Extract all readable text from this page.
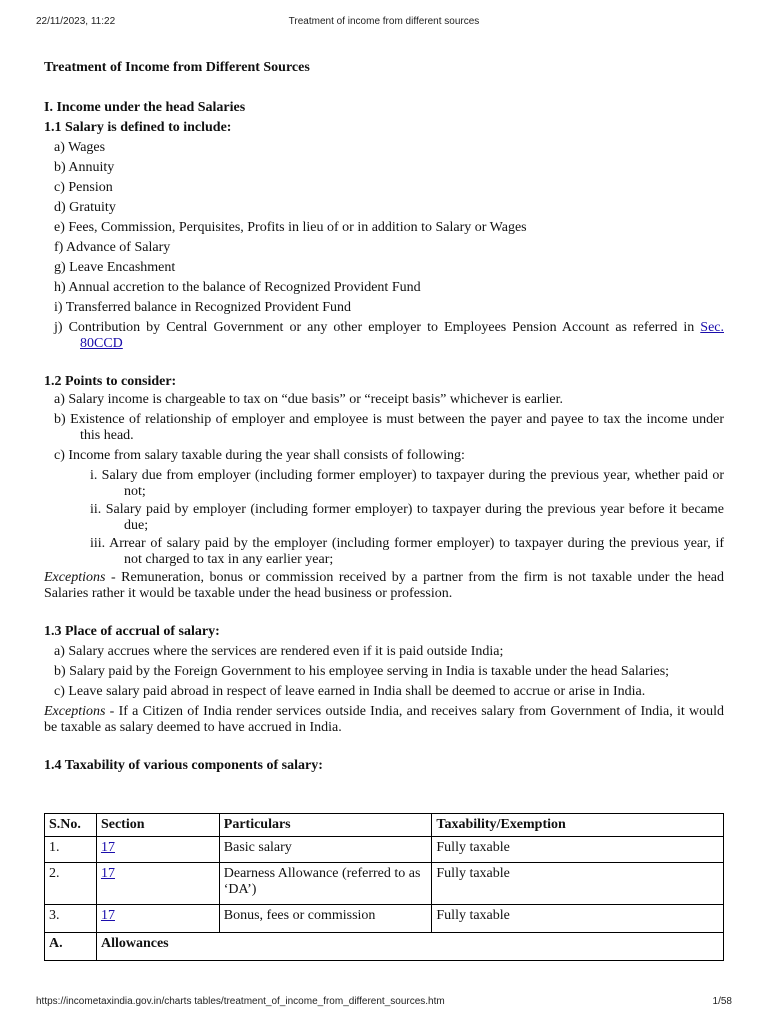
22/11/2023, 11:22	Treatment of income from different sources

Treatment of Income from Different Sources

I. Income under the head Salaries

1.1 Salary is defined to include:

a) Wages
b) Annuity
c) Pension
d) Gratuity
e) Fees, Commission, Perquisites, Profits in lieu of or in addition to Salary or Wages
f) Advance of Salary
g) Leave Encashment
h) Annual accretion to the balance of Recognized Provident Fund
i) Transferred balance in Recognized Provident Fund
j) Contribution by Central Government or any other employer to Employees Pension Account as referred in Sec. 80CCD

1.2 Points to consider:

a) Salary income is chargeable to tax on “due basis” or “receipt basis” whichever is earlier.
b) Existence of relationship of employer and employee is must between the payer and payee to tax the income under this head.
c) Income from salary taxable during the year shall consists of following:
i. Salary due from employer (including former employer) to taxpayer during the previous year, whether paid or not;
ii. Salary paid by employer (including former employer) to taxpayer during the previous year before it became due;
iii. Arrear of salary paid by the employer (including former employer) to taxpayer during the previous year, if not charged to tax in any earlier year;

Exceptions - Remuneration, bonus or commission received by a partner from the firm is not taxable under the head Salaries rather it would be taxable under the head business or profession.

1.3 Place of accrual of salary:

a) Salary accrues where the services are rendered even if it is paid outside India;
b) Salary paid by the Foreign Government to his employee serving in India is taxable under the head Salaries;
c) Leave salary paid abroad in respect of leave earned in India shall be deemed to accrue or arise in India.

Exceptions - If a Citizen of India render services outside India, and receives salary from Government of India, it would be taxable as salary deemed to have accrued in India.

1.4 Taxability of various components of salary:

S.No.	Section	Particulars	Taxability/Exemption
1.	17	Basic salary	Fully taxable
2.	17	Dearness Allowance (referred to as ‘DA’)	Fully taxable
3.	17	Bonus, fees or commission	Fully taxable
A.	Allowances		
https://incometaxindia.gov.in/charts tables/treatment_of_income_from_different_sources.htm	1/58
